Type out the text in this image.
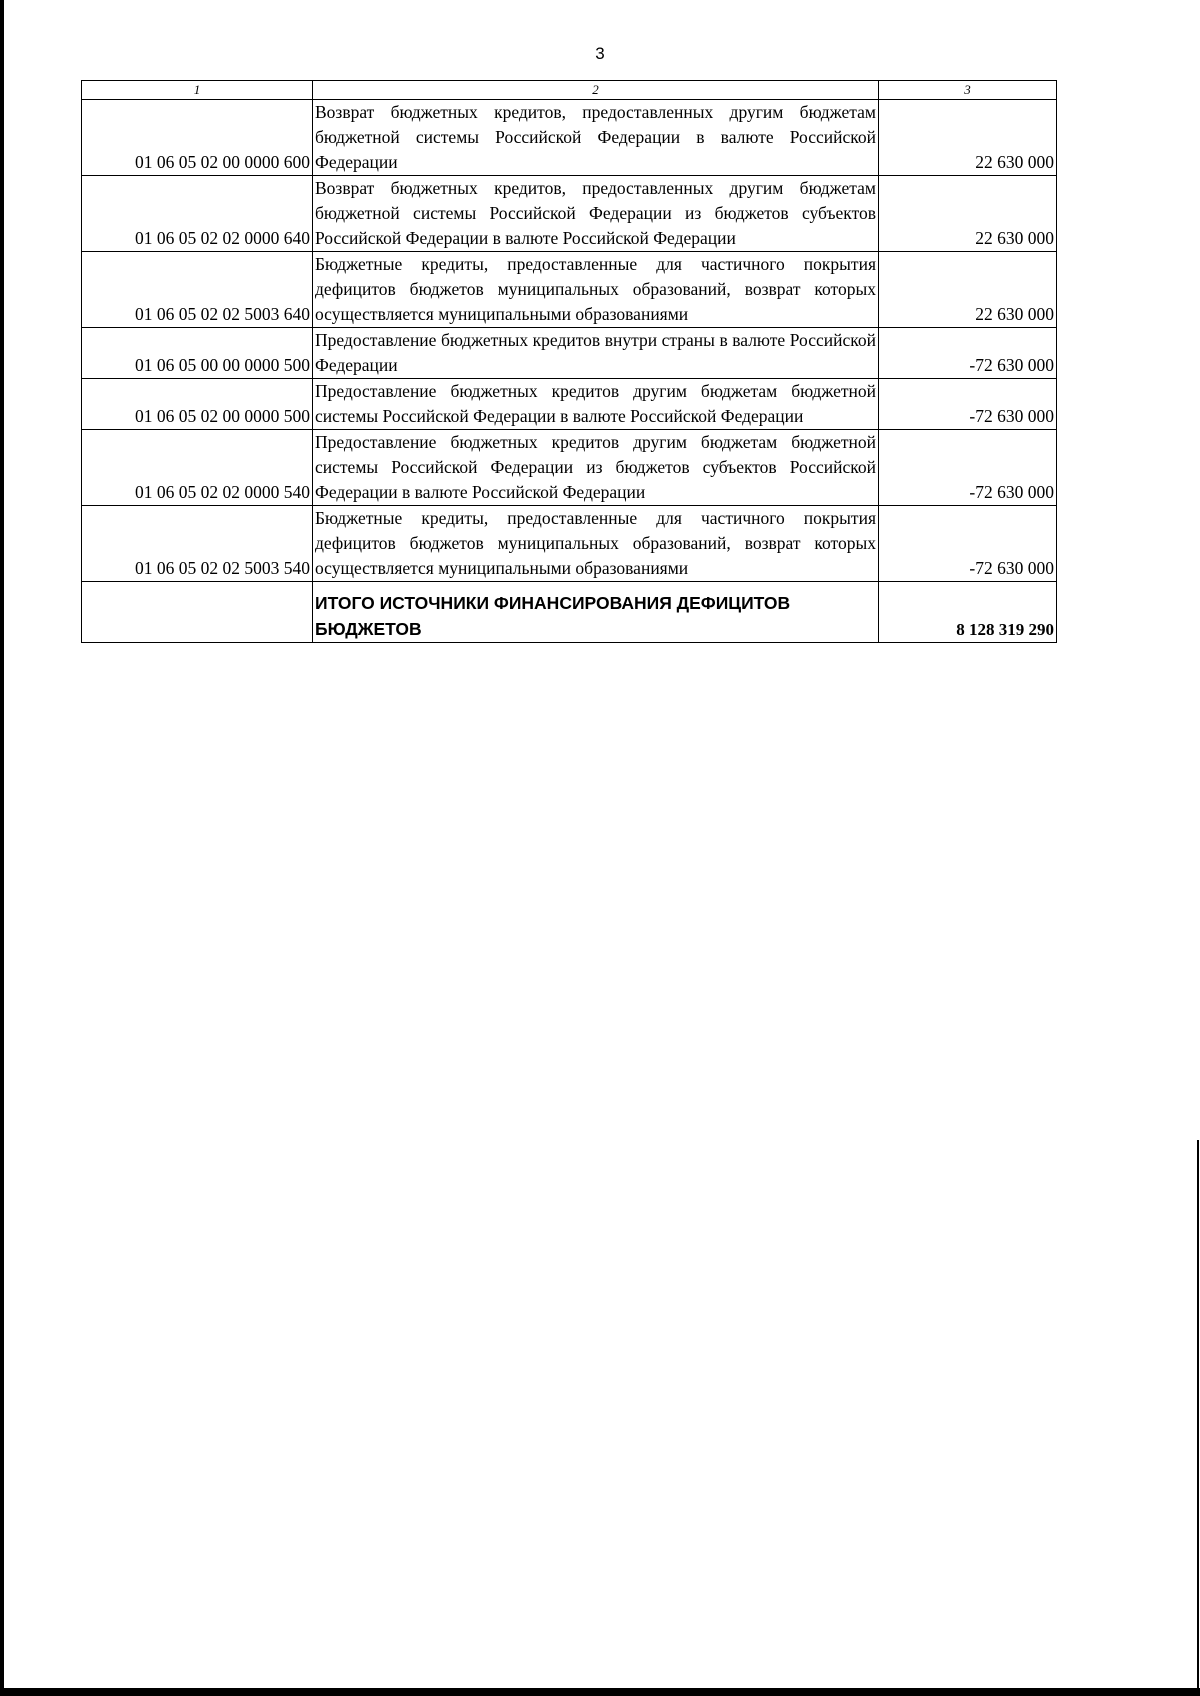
3
1	2	3
01 06 05 02 00 0000 600	Возврат бюджетных кредитов, предоставленных другим бюджетам бюджетной системы Российской Федерации в валюте Российской Федерации	22 630 000
01 06 05 02 02 0000 640	Возврат бюджетных кредитов, предоставленных другим бюджетам бюджетной системы Российской Федерации из бюджетов субъектов Российской Федерации в валюте Российской Федерации	22 630 000
01 06 05 02 02 5003 640	Бюджетные кредиты, предоставленные для частичного покрытия дефицитов бюджетов муниципальных образований, возврат которых осуществляется муниципальными образованиями	22 630 000
01 06 05 00 00 0000 500	Предоставление бюджетных кредитов внутри страны в валюте Российской Федерации	-72 630 000
01 06 05 02 00 0000 500	Предоставление бюджетных кредитов другим бюджетам бюджетной системы Российской Федерации в валюте Российской Федерации	-72 630 000
01 06 05 02 02 0000 540	Предоставление бюджетных кредитов другим бюджетам бюджетной системы Российской Федерации из бюджетов субъектов Российской Федерации в валюте Российской Федерации	-72 630 000
01 06 05 02 02 5003 540	Бюджетные кредиты, предоставленные для частичного покрытия дефицитов бюджетов муниципальных образований, возврат которых осуществляется муниципальными образованиями	-72 630 000
	ИТОГО ИСТОЧНИКИ ФИНАНСИРОВАНИЯ ДЕФИЦИТОВ БЮДЖЕТОВ	8 128 319 290
